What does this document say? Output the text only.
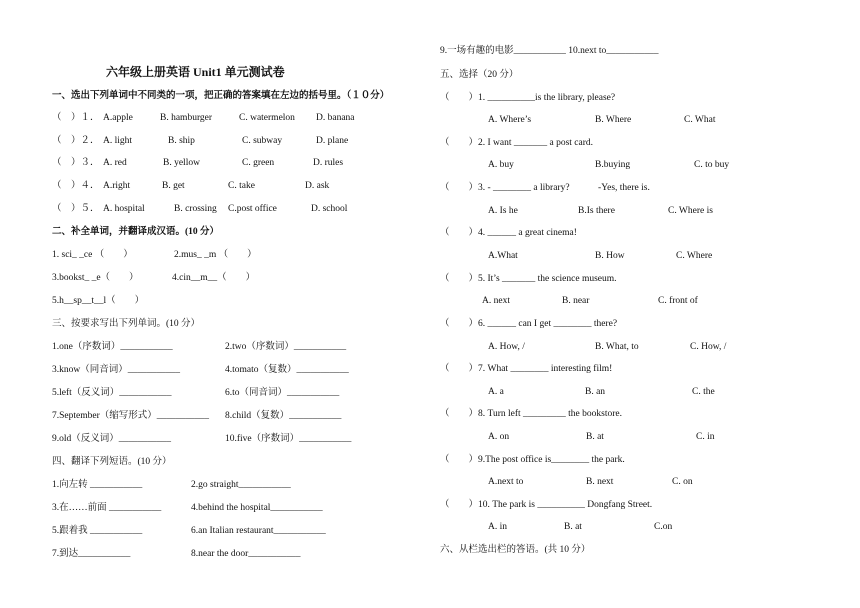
六年级上册英语 Unit1 单元测试卷
一、选出下列单词中不同类的一项，把正确的答案填在左边的括号里。（１０分）
（　）１． A.apple	B. hamburger	C. watermelon D. banana
（　）２． A. light	B. ship	C. subway	D. plane
（　）３． A. red	B. yellow	C. green	D. rules
（　）４． A.right	B. get	C. take	D. ask
（　）５． A. hospital	B. crossing C.post office	D. school
二、补全单词，并翻译成汉语。(10 分）
1. sci_ _ce （　　）	2.mus_ _m （　　）
3.bookst_ _e（　　）	4.cin__m__（　　）
5.h__sp__t__l（　　）
三、按要求写出下列单词。(10 分）
1.one（序数词）___________	2.two（序数词）___________
3.know（同音词）___________	4.tomato（复数）___________
5.left（反义词）___________	6.to（同音词）___________
7.September（缩写形式）___________ 8.child（复数）___________
9.old（反义词）___________	10.five（序数词）___________
四、翻译下列短语。(10 分）
1.向左转 ___________	2.go straight___________
3.在……前面 ___________	4.behind the hospital___________
5.跟着我 ___________	6.an Italian restaurant___________
7.到达___________	8.near the door___________
9.一场有趣的电影___________ 10.next to___________
五、选择（20 分）
（　　）1. __________is the library, please?
A. Where’s	B. Where	C. What
（　　）2. I want _______ a post card.
A. buy	B.buying	C. to buy
（　　）3. - ________ a library?　　　-Yes, there is.
A. Is he	B.Is there	C. Where is
（　　）4. ______ a great cinema!
A.What	B. How	C. Where
（　　）5. It’s _______ the science museum.
A. next	B. near	C. front of
（　　）6. ______ can I get ________ there?
A. How, /	B. What, to	C. How, /
（　　）7. What ________ interesting film!
A. a	B. an	C. the
（　　）8. Turn left _________ the bookstore.
A. on	B. at	C. in
（　　）9.The post office is________ the park.
A.next to	B. next	C. on
（　　）10. The park is __________ Dongfang Street.
A. in	B. at	C.on
六、从栏选出栏的答语。(共 10 分）
